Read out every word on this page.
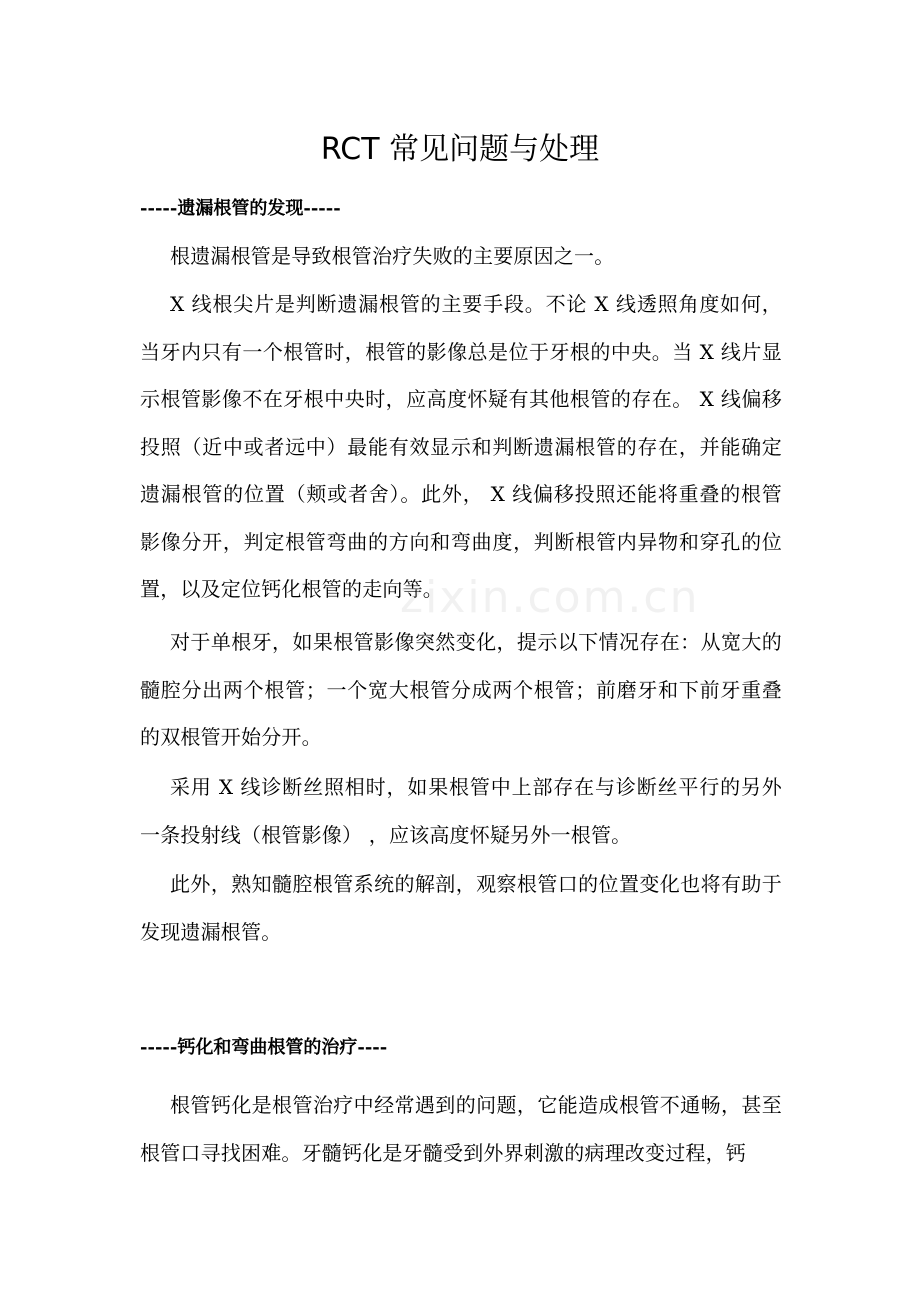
RCT 常见问题与处理
-----遗漏根管的发现-----

根遗漏根管是导致根管治疗失败的主要原因之一。

X 线根尖片是判断遗漏根管的主要手段。不论 X 线透照角度如何，当牙内只有一个根管时，根管的影像总是位于牙根的中央。当 X 线片显示根管影像不在牙根中央时，应高度怀疑有其他根管的存在。 X 线偏移投照（近中或者远中）最能有效显示和判断遗漏根管的存在，并能确定遗漏根管的位置（颊或者舍）。此外， X 线偏移投照还能将重叠的根管影像分开，判定根管弯曲的方向和弯曲度，判断根管内异物和穿孔的位置，以及定位钙化根管的走向等。

对于单根牙，如果根管影像突然变化，提示以下情况存在：从宽大的髓腔分出两个根管；一个宽大根管分成两个根管；前磨牙和下前牙重叠的双根管开始分开。

采用 X 线诊断丝照相时，如果根管中上部存在与诊断丝平行的另外一条投射线（根管影像） ，应该高度怀疑另外一根管。

此外，熟知髓腔根管系统的解剖，观察根管口的位置变化也将有助于发现遗漏根管。

-----钙化和弯曲根管的治疗----

根管钙化是根管治疗中经常遇到的问题，它能造成根管不通畅，甚至根管口寻找困难。牙髓钙化是牙髓受到外界刺激的病理改变过程，钙

zixin.com.cn
